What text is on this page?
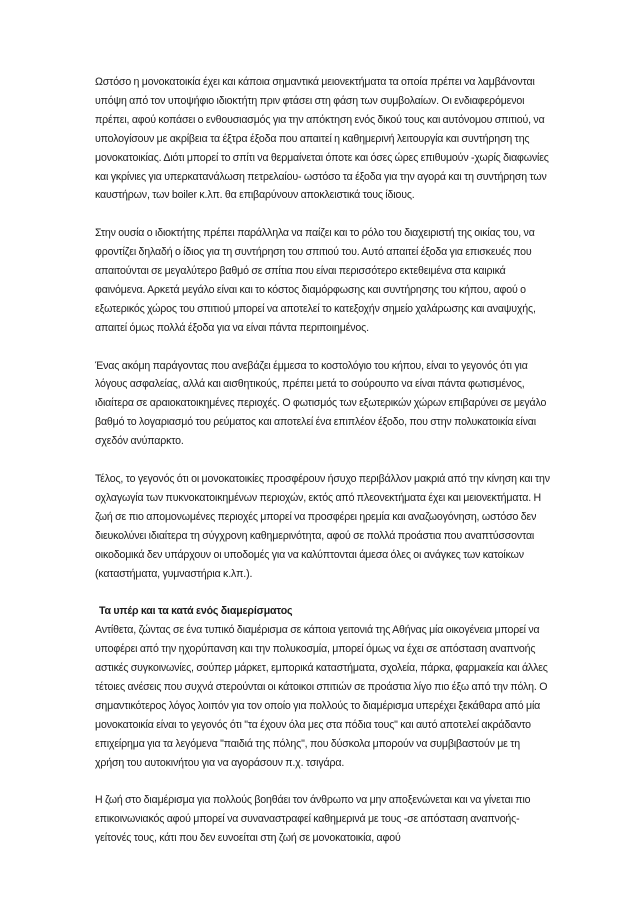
Ωστόσο η μονοκατοικία έχει και κάποια σημαντικά μειονεκτήματα τα οποία πρέπει να λαμβάνονται υπόψη από τον υποψήφιο ιδιοκτήτη πριν φτάσει στη φάση των συμβολαίων. Οι ενδιαφερόμενοι πρέπει, αφού κοπάσει ο ενθουσιασμός για την απόκτηση ενός δικού τους και αυτόνομου σπιτιού, να υπολογίσουν με ακρίβεια τα έξτρα έξοδα που απαιτεί η καθημερινή λειτουργία και συντήρηση της μονοκατοικίας. Διότι μπορεί το σπίτι να θερμαίνεται όποτε και όσες ώρες επιθυμούν -χωρίς διαφωνίες και γκρίνιες για υπερκατανάλωση πετρελαίου- ωστόσο τα έξοδα για την αγορά και τη συντήρηση των καυστήρων, των boiler κ.λπ. θα επιβαρύνουν αποκλειστικά τους ίδιους.

Στην ουσία ο ιδιοκτήτης πρέπει παράλληλα να παίζει και το ρόλο του διαχειριστή της οικίας του, να φροντίζει δηλαδή ο ίδιος για τη συντήρηση του σπιτιού του. Αυτό απαιτεί έξοδα για επισκευές που απαιτούνται σε μεγαλύτερο βαθμό σε σπίτια που είναι περισσότερο εκτεθειμένα στα καιρικά φαινόμενα. Αρκετά μεγάλο είναι και το κόστος διαμόρφωσης και συντήρησης του κήπου, αφού ο εξωτερικός χώρος του σπιτιού μπορεί να αποτελεί το κατεξοχήν σημείο χαλάρωσης και αναψυχής, απαιτεί όμως πολλά έξοδα για να είναι πάντα περιποιημένος.

Ένας ακόμη παράγοντας που ανεβάζει έμμεσα το κοστολόγιο του κήπου, είναι το γεγονός ότι για λόγους ασφαλείας, αλλά και αισθητικούς, πρέπει μετά το σούρουπο να είναι πάντα φωτισμένος, ιδιαίτερα σε αραιοκατοικημένες περιοχές. Ο φωτισμός των εξωτερικών χώρων επιβαρύνει σε μεγάλο βαθμό το λογαριασμό του ρεύματος και αποτελεί ένα επιπλέον έξοδο, που στην πολυκατοικία είναι σχεδόν ανύπαρκτο.

Τέλος, το γεγονός ότι οι μονοκατοικίες προσφέρουν ήσυχο περιβάλλον μακριά από την κίνηση και την οχλαγωγία των πυκνοκατοικημένων περιοχών, εκτός από πλεονεκτήματα έχει και μειονεκτήματα. Η ζωή σε πιο απομονωμένες περιοχές μπορεί να προσφέρει ηρεμία και αναζωογόνηση, ωστόσο δεν διευκολύνει ιδιαίτερα τη σύγχρονη καθημερινότητα, αφού σε πολλά προάστια που αναπτύσσονται οικοδομικά δεν υπάρχουν οι υποδομές για να καλύπτονται άμεσα όλες οι ανάγκες των κατοίκων (καταστήματα, γυμναστήρια κ.λπ.).

Τα υπέρ και τα κατά ενός διαμερίσματος

Αντίθετα, ζώντας σε ένα τυπικό διαμέρισμα σε κάποια γειτονιά της Αθήνας μία οικογένεια μπορεί να υποφέρει από την ηχορύπανση και την πολυκοσμία, μπορεί όμως να έχει σε απόσταση αναπνοής αστικές συγκοινωνίες, σούπερ μάρκετ, εμπορικά καταστήματα, σχολεία, πάρκα, φαρμακεία και άλλες τέτοιες ανέσεις που συχνά στερούνται οι κάτοικοι σπιτιών σε προάστια λίγο πιο έξω από την πόλη. Ο σημαντικότερος λόγος λοιπόν για τον οποίο για πολλούς το διαμέρισμα υπερέχει ξεκάθαρα από μία μονοκατοικία είναι το γεγονός ότι "τα έχουν όλα μες στα πόδια τους" και αυτό αποτελεί ακράδαντο επιχείρημα για τα λεγόμενα "παιδιά της πόλης", που δύσκολα μπορούν να συμβιβαστούν με τη χρήση του αυτοκινήτου για να αγοράσουν π.χ. τσιγάρα.

Η ζωή στο διαμέρισμα για πολλούς βοηθάει τον άνθρωπο να μην αποξενώνεται και να γίνεται πιο επικοινωνιακός αφού μπορεί να συναναστραφεί καθημερινά με τους -σε απόσταση αναπνοής- γείτονές τους, κάτι που δεν ευνοείται στη ζωή σε μονοκατοικία, αφού
